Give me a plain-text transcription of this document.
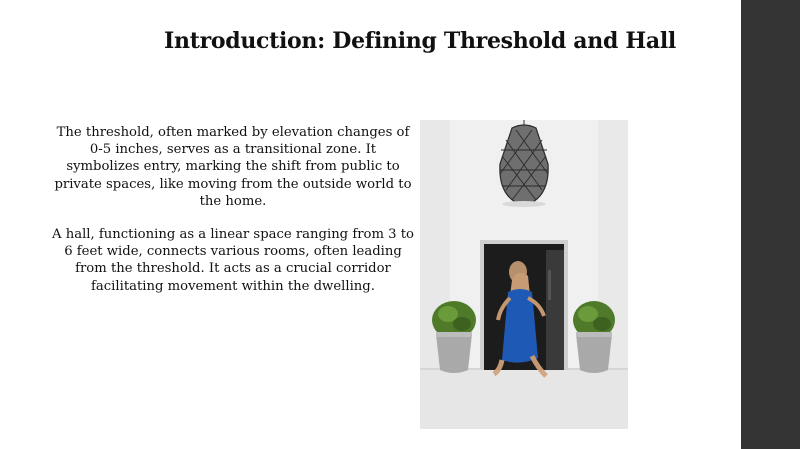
Introduction: Defining Threshold and Hall

The threshold, often marked by elevation changes of 0-5 inches, serves as a transitional zone. It symbolizes entry, marking the shift from public to private spaces, like moving from the outside world to the home.

A hall, functioning as a linear space ranging from 3 to 6 feet wide, connects various rooms, often leading from the threshold. It acts as a crucial corridor facilitating movement within the dwelling.
